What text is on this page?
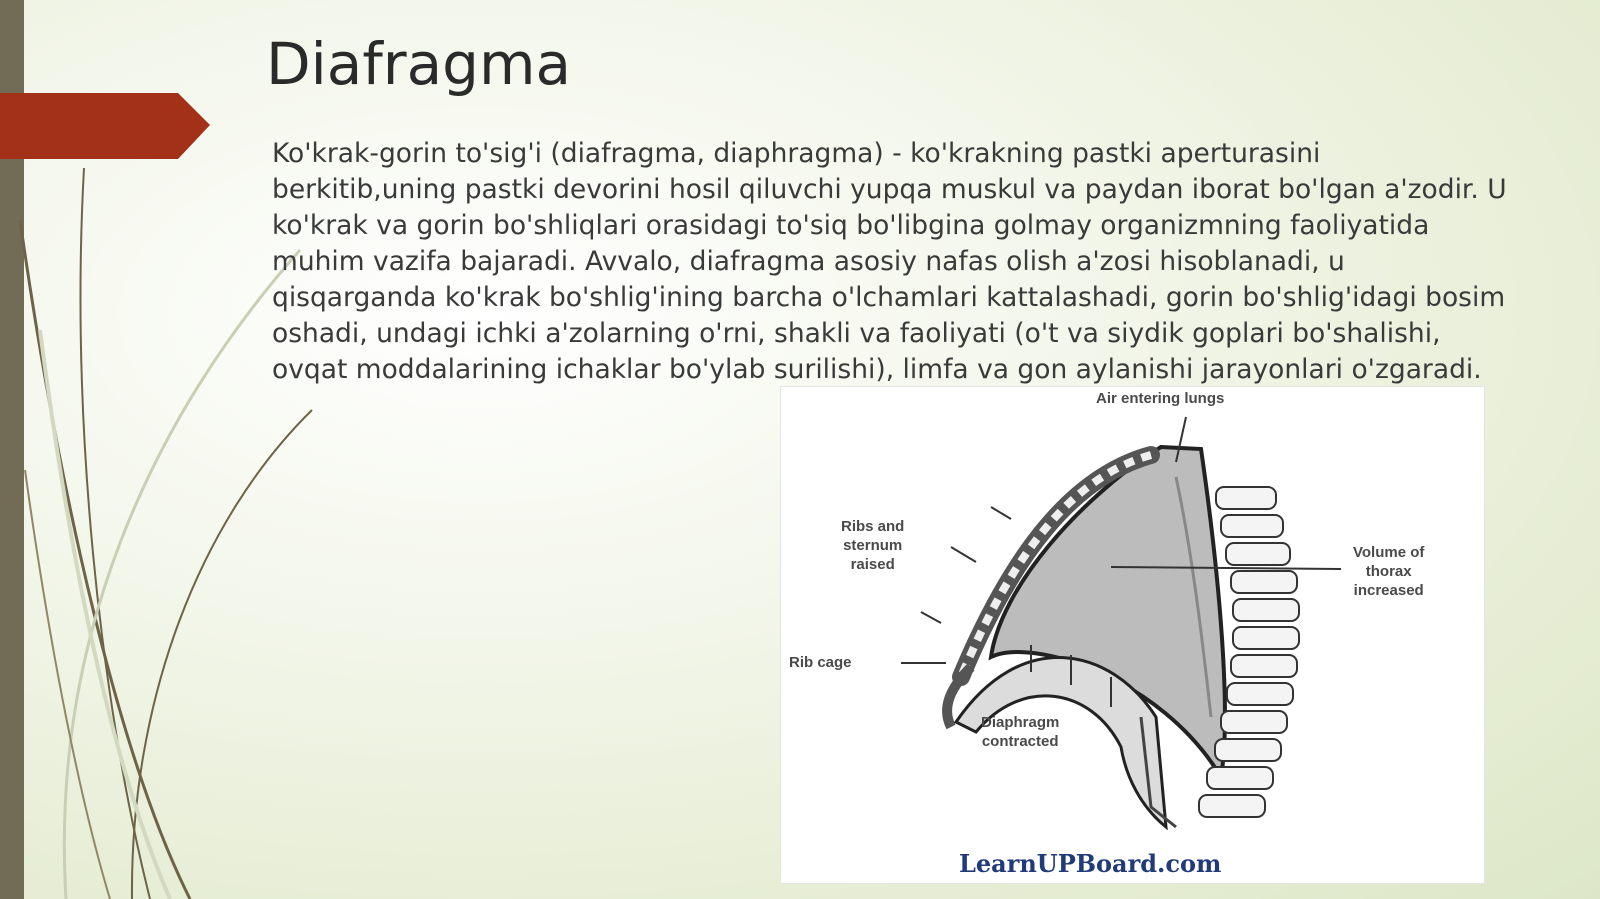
Diafragma

Ko'krak-gorin to'sig'i (diafragma, diaphragma) - ko'krakning pastki aperturasini berkitib,uning pastki devorini hosil qiluvchi yupqa muskul va paydan iborat bo'lgan a'zodir. U ko'krak va gorin bo'shliqlari orasidagi to'siq bo'libgina golmay organizmning faoliyatida muhim vazifa bajaradi. Avvalo, diafragma asosiy nafas olish a'zosi hisoblanadi, u qisqarganda ko'krak bo'shlig'ining barcha o'lchamlari kattalashadi, gorin bo'shlig'idagi bosim oshadi, undagi ichki a'zolarning o'rni, shakli va faoliyati (o't va siydik goplari bo'shalishi, ovqat moddalarining ichaklar bo'ylab surilishi), limfa va gon aylanishi jarayonlari o'zgaradi.

Air entering lungs
Ribs and
sternum
raised
Volume of
thorax
increased
Rib cage
Diaphragm
contracted
LearnUPBoard.com
